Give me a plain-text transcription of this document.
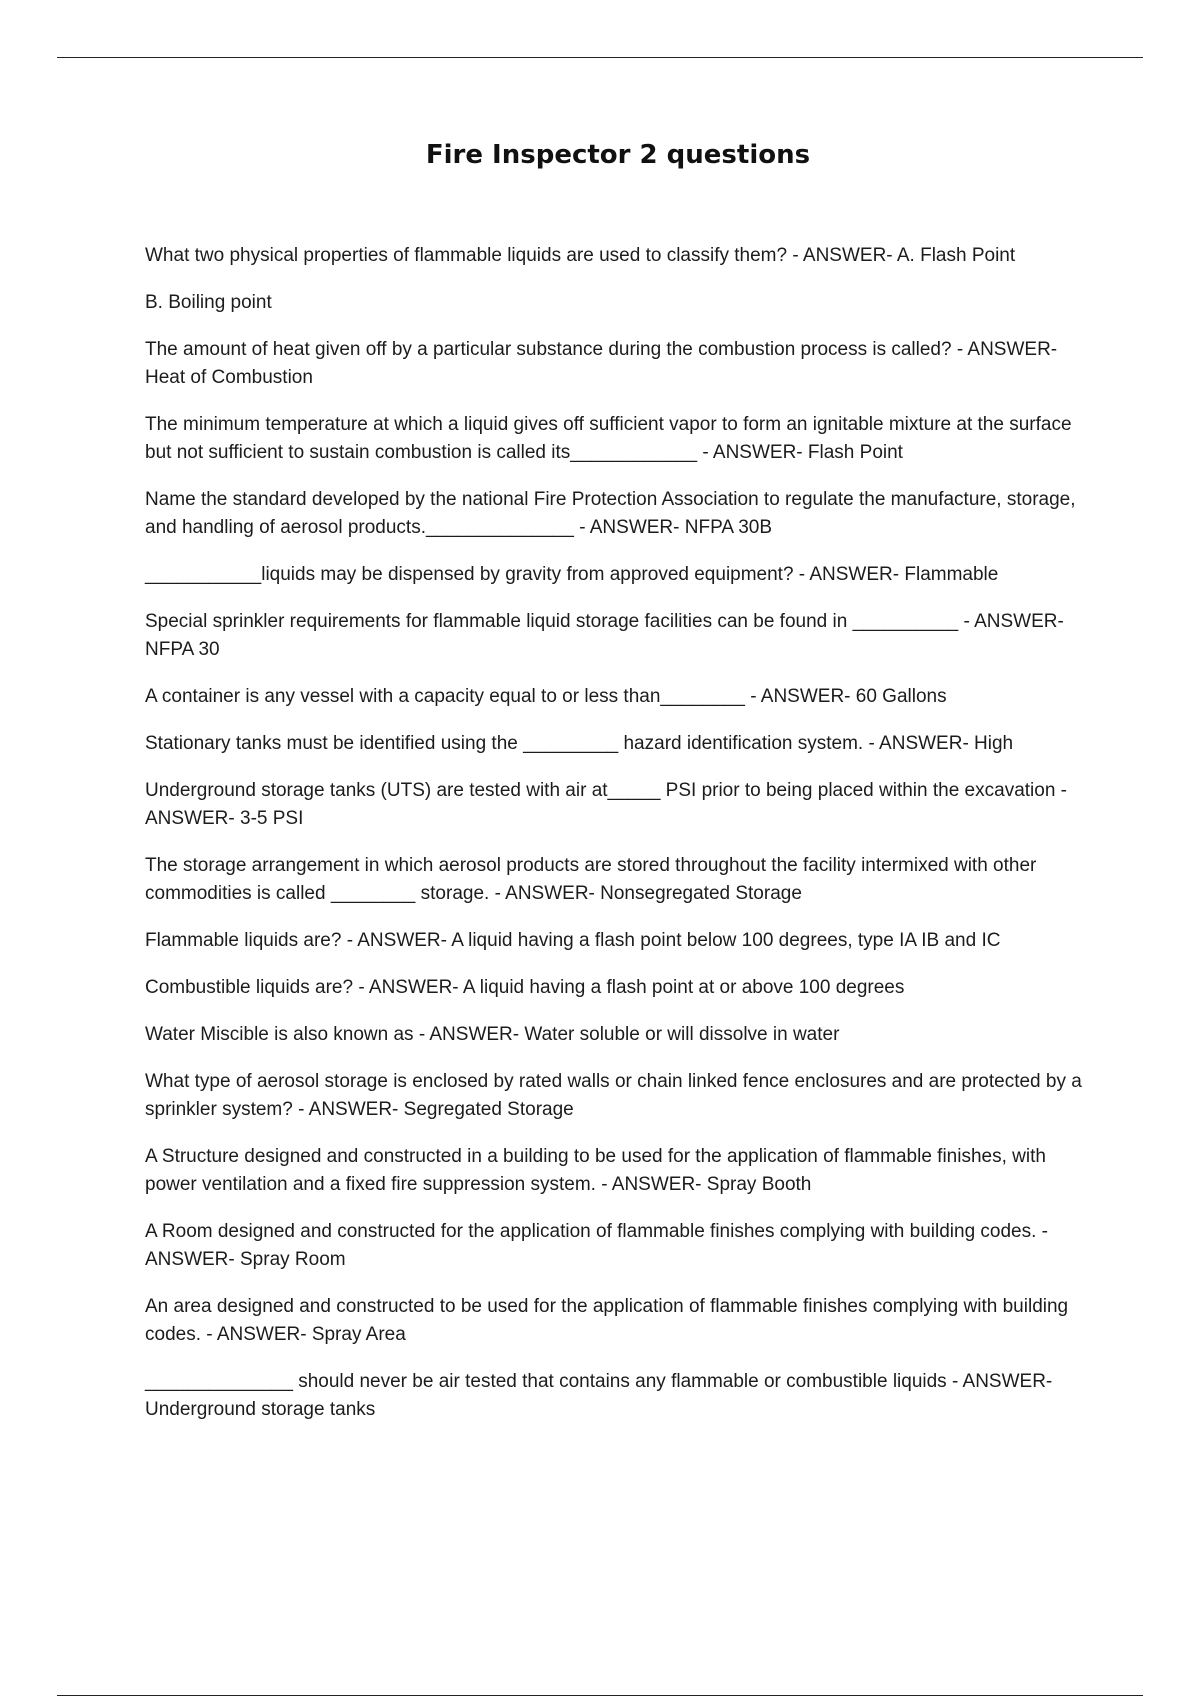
Fire Inspector 2 questions

What two physical properties of flammable liquids are used to classify them? - ANSWER- A. Flash Point

B. Boiling point

The amount of heat given off by a particular substance during the combustion process is called? - ANSWER- Heat of Combustion

The minimum temperature at which a liquid gives off sufficient vapor to form an ignitable mixture at the surface but not sufficient to sustain combustion is called its____________ - ANSWER- Flash Point

Name the standard developed by the national Fire Protection Association to regulate the manufacture, storage, and handling of aerosol products.______________ - ANSWER- NFPA 30B

___________liquids may be dispensed by gravity from approved equipment? - ANSWER- Flammable

Special sprinkler requirements for flammable liquid storage facilities can be found in __________ - ANSWER- NFPA 30

A container is any vessel with a capacity equal to or less than________ - ANSWER- 60 Gallons

Stationary tanks must be identified using the _________ hazard identification system. - ANSWER- High

Underground storage tanks (UTS) are tested with air at_____ PSI prior to being placed within the excavation - ANSWER- 3-5 PSI

The storage arrangement in which aerosol products are stored throughout the facility intermixed with other commodities is called ________ storage. - ANSWER- Nonsegregated Storage

Flammable liquids are? - ANSWER- A liquid having a flash point below 100 degrees, type IA IB and IC

Combustible liquids are? - ANSWER- A liquid having a flash point at or above 100 degrees

Water Miscible is also known as - ANSWER- Water soluble or will dissolve in water

What type of aerosol storage is enclosed by rated walls or chain linked fence enclosures and are protected by a sprinkler system? - ANSWER- Segregated Storage

A Structure designed and constructed in a building to be used for the application of flammable finishes, with power ventilation and a fixed fire suppression system. - ANSWER- Spray Booth

A Room designed and constructed for the application of flammable finishes complying with building codes. - ANSWER- Spray Room

An area designed and constructed to be used for the application of flammable finishes complying with building codes. - ANSWER- Spray Area

______________ should never be air tested that contains any flammable or combustible liquids - ANSWER- Underground storage tanks
